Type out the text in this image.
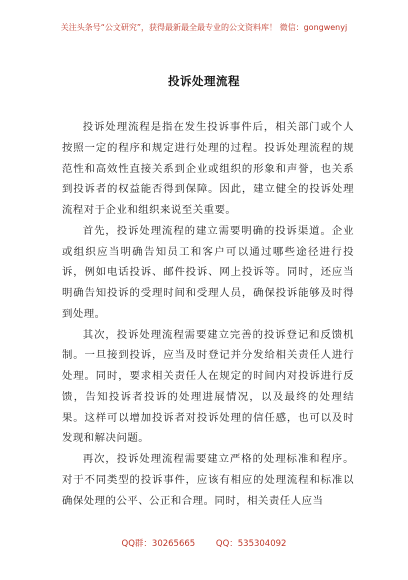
关注头条号“公文研究”，获得最新最全最专业的公文资料库！ 微信：gongwenyj
投诉处理流程

投诉处理流程是指在发生投诉事件后，相关部门或个人按照一定的程序和规定进行处理的过程。投诉处理流程的规范性和高效性直接关系到企业或组织的形象和声誉，也关系到投诉者的权益能否得到保障。因此，建立健全的投诉处理流程对于企业和组织来说至关重要。

首先，投诉处理流程的建立需要明确的投诉渠道。企业或组织应当明确告知员工和客户可以通过哪些途径进行投诉，例如电话投诉、邮件投诉、网上投诉等。同时，还应当明确告知投诉的受理时间和受理人员，确保投诉能够及时得到处理。

其次，投诉处理流程需要建立完善的投诉登记和反馈机制。一旦接到投诉，应当及时登记并分发给相关责任人进行处理。同时，要求相关责任人在规定的时间内对投诉进行反馈，告知投诉者投诉的处理进展情况，以及最终的处理结果。这样可以增加投诉者对投诉处理的信任感，也可以及时发现和解决问题。

再次，投诉处理流程需要建立严格的处理标准和程序。对于不同类型的投诉事件，应该有相应的处理流程和标准以确保处理的公平、公正和合理。同时，相关责任人应当

QQ群：30265665 QQ：535304092
